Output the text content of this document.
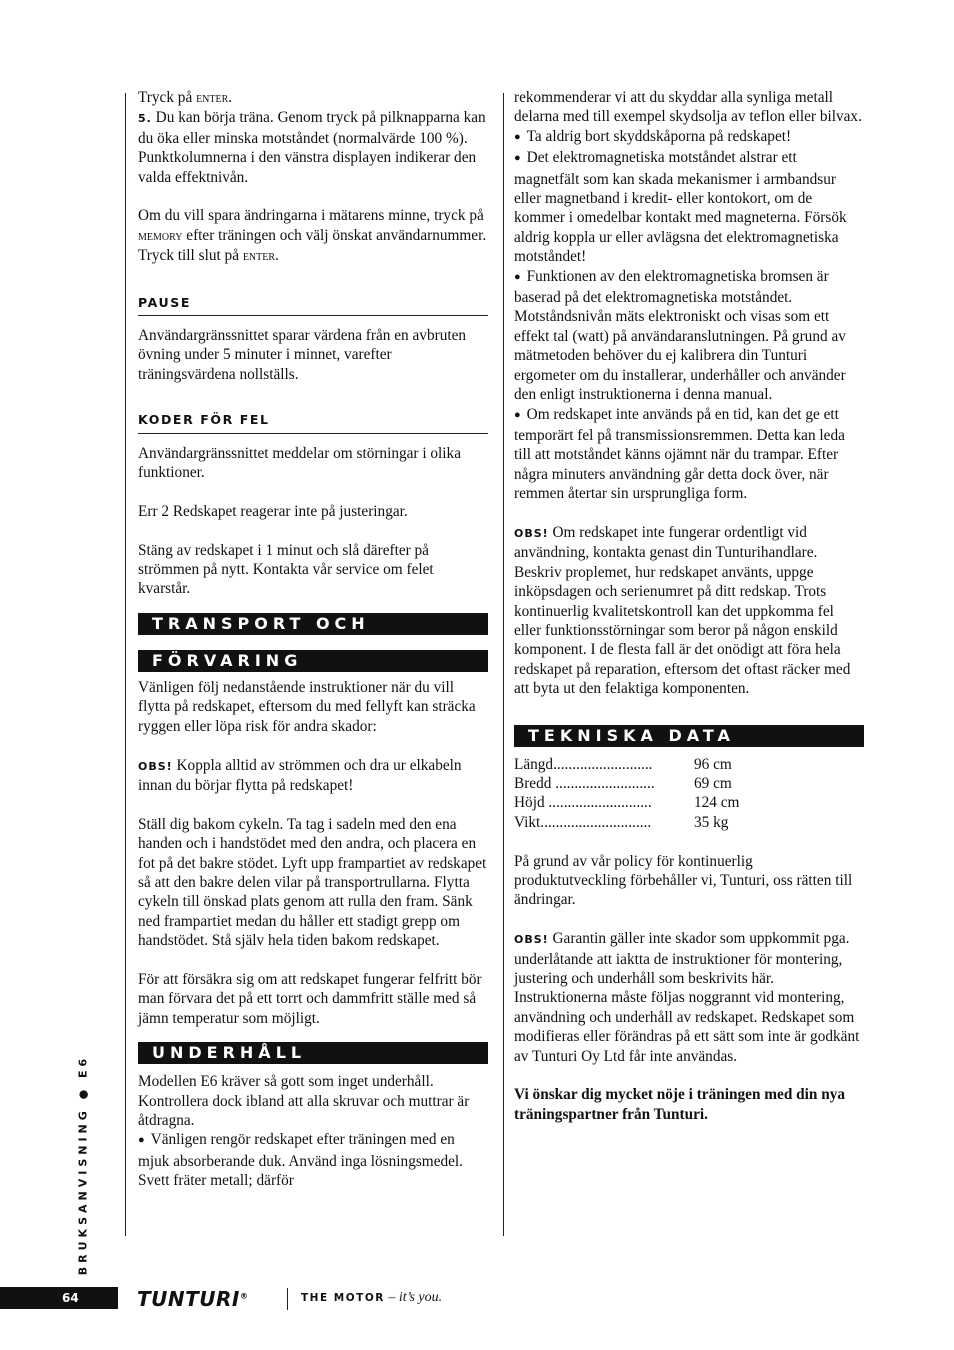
Tryck på enter.

5. Du kan börja träna. Genom tryck på pilknapparna kan du öka eller minska motståndet (normalvärde 100 %). Punktkolumnerna i den vänstra displayen indikerar den valda effektnivån.

Om du vill spara ändringarna i mätarens minne, tryck på memory efter träningen och välj önskat användarnummer. Tryck till slut på enter.

PAUSE

Användargränssnittet sparar värdena från en avbruten övning under 5 minuter i minnet, varefter träningsvärdena nollställs.

KODER FÖR FEL

Användargränssnittet meddelar om störningar i olika funktioner.

Err 2 Redskapet reagerar inte på justeringar.

Stäng av redskapet i 1 minut och slå därefter på strömmen på nytt. Kontakta vår service om felet kvarstår.

TRANSPORT OCH
FÖRVARING

Vänligen följ nedanstående instruktioner när du vill flytta på redskapet, eftersom du med fellyft kan sträcka ryggen eller löpa risk för andra skador:

OBS! Koppla alltid av strömmen och dra ur elkabeln innan du börjar flytta på redskapet!

Ställ dig bakom cykeln. Ta tag i sadeln med den ena handen och i handstödet med den andra, och placera en fot på det bakre stödet. Lyft upp frampartiet av redskapet så att den bakre delen vilar på transportrullarna. Flytta cykeln till önskad plats genom att rulla den fram. Sänk ned frampartiet medan du håller ett stadigt grepp om handstödet. Stå själv hela tiden bakom redskapet.

För att försäkra sig om att redskapet fungerar felfritt bör man förvara det på ett torrt och dammfritt ställe med så jämn temperatur som möjligt.

UNDERHÅLL

Modellen E6 kräver så gott som inget underhåll. Kontrollera dock ibland att alla skruvar och muttrar är åtdragna.

● Vänligen rengör redskapet efter träningen med en mjuk absorberande duk. Använd inga lösningsmedel. Svett fräter metall; därför

rekommenderar vi att du skyddar alla synliga metall delarna med till exempel skydsolja av teflon eller bilvax.

● Ta aldrig bort skyddskåporna på redskapet!

● Det elektromagnetiska motståndet alstrar ett magnetfält som kan skada mekanismer i armbandsur eller magnetband i kredit- eller kontokort, om de kommer i omedelbar kontakt med magneterna. Försök aldrig koppla ur eller avlägsna det elektromagnetiska motståndet!

● Funktionen av den elektromagnetiska bromsen är baserad på det elektromagnetiska motståndet. Motståndsnivån mäts elektroniskt och visas som ett effekt tal (watt) på användaranslutningen. På grund av mätmetoden behöver du ej kalibrera din Tunturi ergometer om du installerar, underhåller och använder den enligt instruktionerna i denna manual.

● Om redskapet inte används på en tid, kan det ge ett temporärt fel på transmissionsremmen. Detta kan leda till att motståndet känns ojämnt när du trampar. Efter några minuters användning går detta dock över, när remmen återtar sin ursprungliga form.

OBS! Om redskapet inte fungerar ordentligt vid användning, kontakta genast din Tunturihandlare. Beskriv proplemet, hur redskapet använts, uppge inköpsdagen och serienumret på ditt redskap. Trots kontinuerlig kvalitetskontroll kan det uppkomma fel eller funktionsstörningar som beror på någon enskild komponent. I de flesta fall är det onödigt att föra hela redskapet på reparation, eftersom det oftast räcker med att byta ut den felaktiga komponenten.

TEKNISKA DATA
Längd..........................	96 cm
Bredd ..........................	69 cm
Höjd ...........................	124 cm
Vikt.............................	35 kg

På grund av vår policy för kontinuerlig produktutveckling förbehåller vi, Tunturi, oss rätten till ändringar.

OBS! Garantin gäller inte skador som uppkommit pga. underlåtande att iaktta de instruktioner för montering, justering och underhåll som beskrivits här. Instruktionerna måste följas noggrannt vid montering, användning och underhåll av redskapet. Redskapet som modifieras eller förändras på ett sätt som inte är godkänt av Tunturi Oy Ltd får inte användas.

Vi önskar dig mycket nöje i träningen med din nya träningspartner från Tunturi.

BRUKSANVISNING ● E6
64	TUNTURI®	THE MOTOR – it’s you.
